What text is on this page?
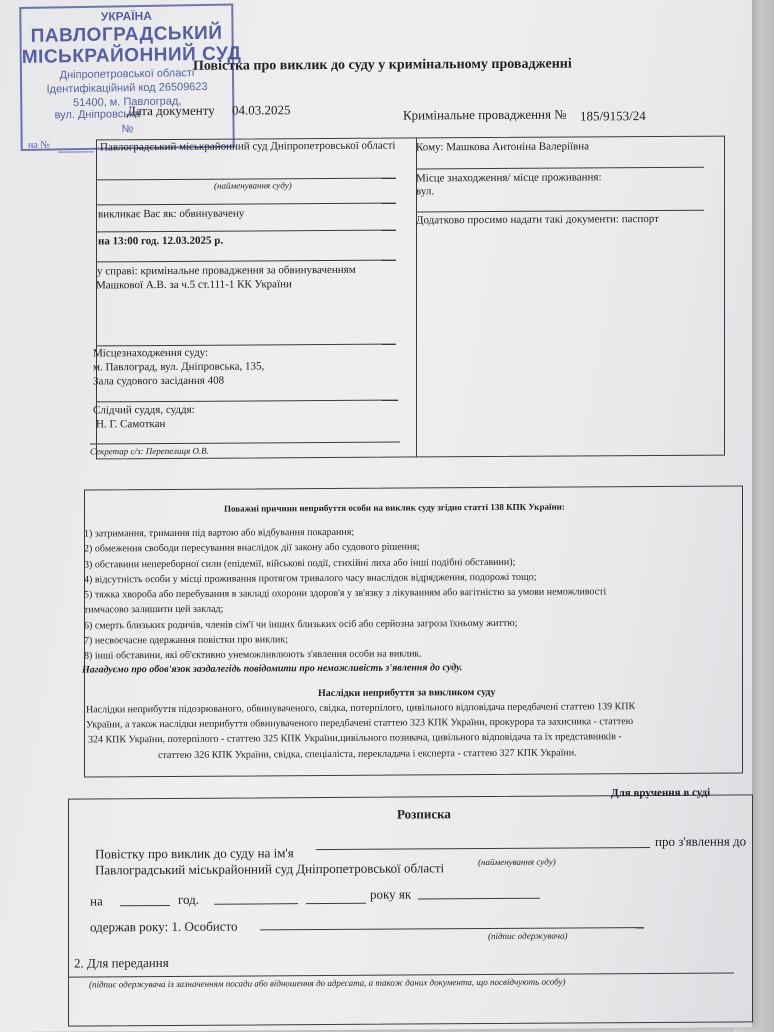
УКРАЇНА
ПАВЛОГРАДСЬКИЙ
МІСЬКРАЙОННИЙ СУД
Дніпропетровської області
Ідентифікаційний код 26509623
51400, м. Павлоград,
вул. Дніпровська
№
на №
Повістка про виклик до суду у кримінальному провадженні
Дата документу 04.03.2025	Кримінальне провадження № 185/9153/24
Павлоградський міськрайонний суд Дніпропетровської області
(найменування суду)
викликає Вас як: обвинувачену
на 13:00 год. 12.03.2025 р.
у справі: кримінальне провадження за обвинуваченням
Машкової А.В. за ч.5 ст.111-1 КК України
Місцезнаходження суду:
м. Павлоград, вул. Дніпровська, 135,
Зала судового засідання 408
Слідчий суддя, суддя:
Н. Г. Самоткан
Секретар с/з: Перепелиця О.В.
Кому: Машкова Антоніна Валеріївна
Місце знаходження/ місце проживання:
вул.
Додатково просимо надати такі документи: паспорт
Поважні причини неприбуття особи на виклик суду згідно статті 138 КПК України:
1) затримання, тримання під вартою або відбування покарання;
2) обмеження свободи пересування внаслідок дії закону або судового рішення;
3) обставини непереборної сили (епідемії, військові події, стихійні лиха або інші подібні обставини);
4) відсутність особи у місці проживання протягом тривалого часу внаслідок відрядження, подорожі тощо;
5) тяжка хвороба або перебування в закладі охорони здоров'я у зв'язку з лікуванням або вагітністю за умови неможливості
тимчасово залишити цей заклад;
6) смерть близьких родичів, членів сім'ї чи інших близьких осіб або серйозна загроза їхньому життю;
7) несвоєчасне одержання повістки про виклик;
8) інші обставини, які об'єктивно унеможливлюють з'явлення особи на виклик.
Нагадуємо про обов'язок заздалегідь повідомити про неможливість з'явлення до суду.
Наслідки неприбуття за викликом суду
Наслідки неприбуття підозрюваного, обвинуваченого, свідка, потерпілого, цивільного відповідача передбачені статтею 139 КПК
України, а також наслідки неприбуття обвинуваченого передбачені статтею 323 КПК України, прокурора та захисника - статтею
324 КПК України, потерпілого - статтею 325 КПК України,цивільного позивача, цивільного відповідача та їх представників -
статтею 326 КПК України, свідка, спеціаліста, перекладача і експерта - статтею 327 КПК України.
Для вручення в суді
Розписка
Повістку про виклик до суду на ім'я
про з'явлення до
Павлоградський міськрайонний суд Дніпропетровської області	(найменування суду)
на	год.	року як
одержав року: 1. Особисто
(підпис одержувача)
2. Для передання
(підпис одержувача із зазначенням посади або відношення до адресата, а також даних документа, що посвідчують особу)
